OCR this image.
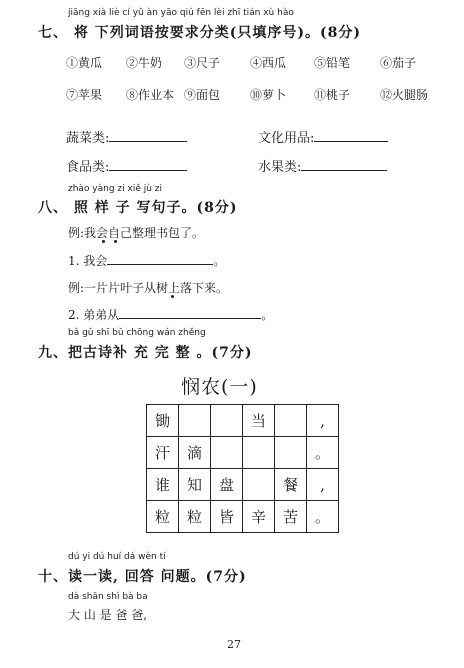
jiāng xià liè cí yǔ àn yāo qiú fēn lèi zhī tián xù hào
七、 将 下列词语按要求分类(只填序号)。(8分)
①黄瓜	②牛奶	③尺子	④西瓜	⑤铅笔	⑥茄子
⑦苹果	⑧作业本 ⑨面包	⑩萝卜	⑪桃子	⑫火腿肠
蔬菜类:	文化用品:
食品类:	水果类:
zhào yàng zi xiě jù zi
八、 照 样 子 写句子。(8分)
例:我会自己整理书包了。
1. 我会	。
例:一片片叶子从树上落下来。
2. 弟弟从	。
bǎ gǔ shī bǔ chōng wán zhěng
九、把古诗补 充 完 整 。(7分)
悯农(一)
锄			当		,
汗	滴				。
谁	知	盘		餐	,
粒	粒	皆	辛	苦	。
dú yi dú huí dá wèn tí
十、读一读, 回答 问题。(7分)
dà shān shì bà ba
大 山 是 爸 爸,
27
